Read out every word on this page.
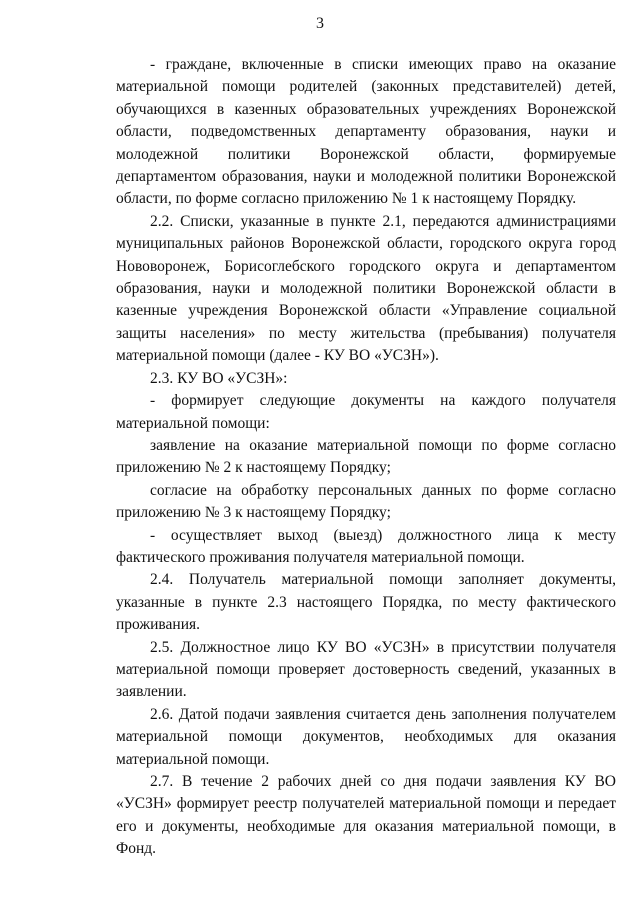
3

- граждане, включенные в списки имеющих право на оказание материальной помощи родителей (законных представителей) детей, обучающихся в казенных образовательных учреждениях Воронежской области, подведомственных департаменту образования, науки и молодежной политики Воронежской области, формируемые департаментом образования, науки и молодежной политики Воронежской области, по форме согласно приложению № 1 к настоящему Порядку.

2.2. Списки, указанные в пункте 2.1, передаются администрациями муниципальных районов Воронежской области, городского округа город Нововоронеж, Борисоглебского городского округа и департаментом образования, науки и молодежной политики Воронежской области в казенные учреждения Воронежской области «Управление социальной защиты населения» по месту жительства (пребывания) получателя материальной помощи (далее - КУ ВО «УСЗН»).

2.3. КУ ВО «УСЗН»:

- формирует следующие документы на каждого получателя материальной помощи:

заявление на оказание материальной помощи по форме согласно приложению № 2 к настоящему Порядку;

согласие на обработку персональных данных по форме согласно приложению № 3 к настоящему Порядку;

- осуществляет выход (выезд) должностного лица к месту фактического проживания получателя материальной помощи.

2.4. Получатель материальной помощи заполняет документы, указанные в пункте 2.3 настоящего Порядка, по месту фактического проживания.

2.5. Должностное лицо КУ ВО «УСЗН» в присутствии получателя материальной помощи проверяет достоверность сведений, указанных в заявлении.

2.6. Датой подачи заявления считается день заполнения получателем материальной помощи документов, необходимых для оказания материальной помощи.

2.7. В течение 2 рабочих дней со дня подачи заявления КУ ВО «УСЗН» формирует реестр получателей материальной помощи и передает его и документы, необходимые для оказания материальной помощи, в Фонд.
